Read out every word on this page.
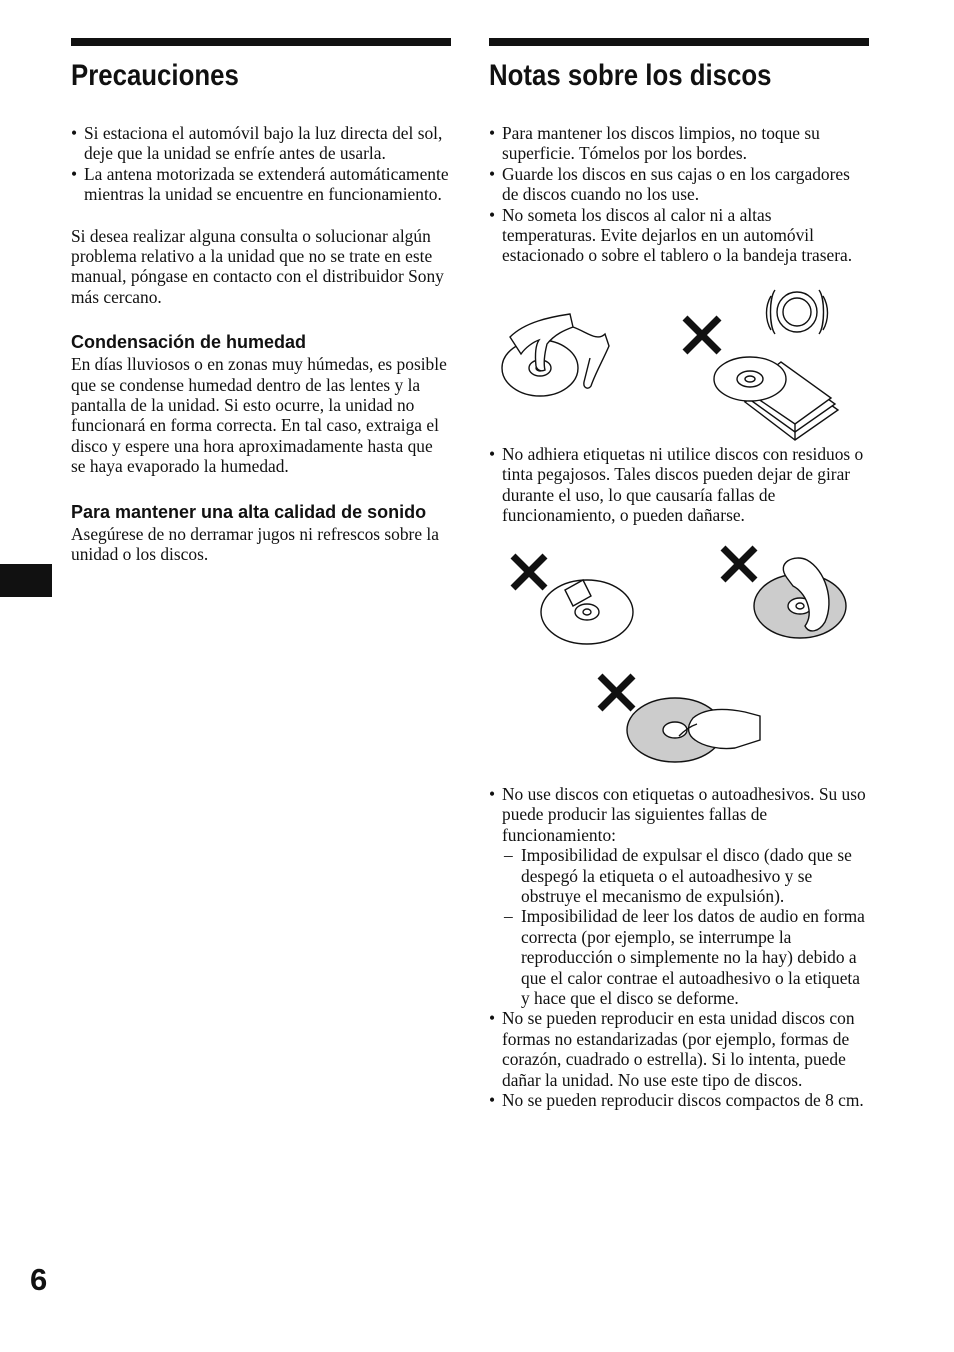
Precauciones
• Si estaciona el automóvil bajo la luz directa del sol, deje que la unidad se enfríe antes de usarla.
• La antena motorizada se extenderá automáticamente mientras la unidad se encuentre en funcionamiento.

Si desea realizar alguna consulta o solucionar algún problema relativo a la unidad que no se trate en este manual, póngase en contacto con el distribuidor Sony más cercano.

Condensación de humedad

En días lluviosos o en zonas muy húmedas, es posible que se condense humedad dentro de las lentes y la pantalla de la unidad. Si esto ocurre, la unidad no funcionará en forma correcta. En tal caso, extraiga el disco y espere una hora aproximadamente hasta que se haya evaporado la humedad.

Para mantener una alta calidad de sonido

Asegúrese de no derramar jugos ni refrescos sobre la unidad o los discos.

Notas sobre los discos
• Para mantener los discos limpios, no toque su superficie. Tómelos por los bordes.
• Guarde los discos en sus cajas o en los cargadores de discos cuando no los use.
• No someta los discos al calor ni a altas temperaturas. Evite dejarlos en un automóvil estacionado o sobre el tablero o la bandeja trasera.
• No adhiera etiquetas ni utilice discos con residuos o tinta pegajosos. Tales discos pueden dejar de girar durante el uso, lo que causaría fallas de funcionamiento, o pueden dañarse.
• No use discos con etiquetas o autoadhesivos. Su uso puede producir las siguientes fallas de funcionamiento:
– Imposibilidad de expulsar el disco (dado que se despegó la etiqueta o el autoadhesivo y se obstruye el mecanismo de expulsión).
– Imposibilidad de leer los datos de audio en forma correcta (por ejemplo, se interrumpe la reproducción o simplemente no la hay) debido a que el calor contrae el autoadhesivo o la etiqueta y hace que el disco se deforme.
• No se pueden reproducir en esta unidad discos con formas no estandarizadas (por ejemplo, formas de corazón, cuadrado o estrella). Si lo intenta, puede dañar la unidad. No use este tipo de discos.
• No se pueden reproducir discos compactos de 8 cm.
6
